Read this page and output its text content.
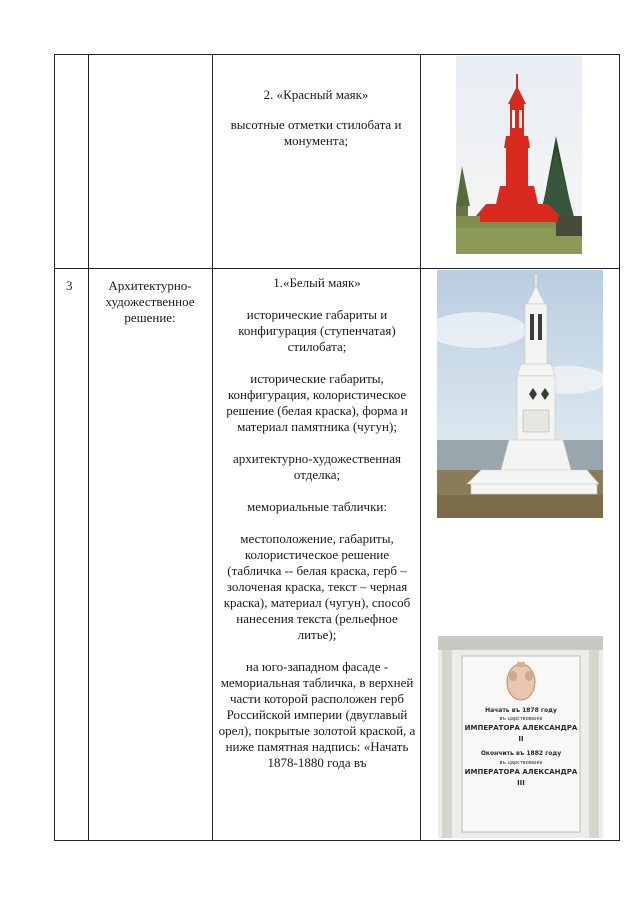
2. «Красный маяк»

высотные отметки стилобата и монумента;

3	Архитектурно-художественное решение:

1.«Белый маяк»

исторические габариты и конфигурация (ступенчатая) стилобата;

исторические габариты, конфигурация, колористическое решение (белая краска), форма и материал памятника (чугун);

архитектурно-художественная отделка;

мемориальные таблички:

местоположение, габариты, колористическое решение (табличка -- белая краска, герб – золоченая краска, текст – черная краска), материал (чугун), способ нанесения текста (рельефное литье);

на юго-западном фасаде - мемориальная табличка, в верхней части которой расположен герб Российской империи (двуглавый орел), покрытые золотой краской, а ниже памятная надпись: «Начать 1878-1880 года въ

Начать въ 1878 году
въ царствованiе
ИМПЕРАТОРА АЛЕКСАНДРА II
Окончить въ 1882 году
въ царствованiе
ИМПЕРАТОРА АЛЕКСАНДРА III
